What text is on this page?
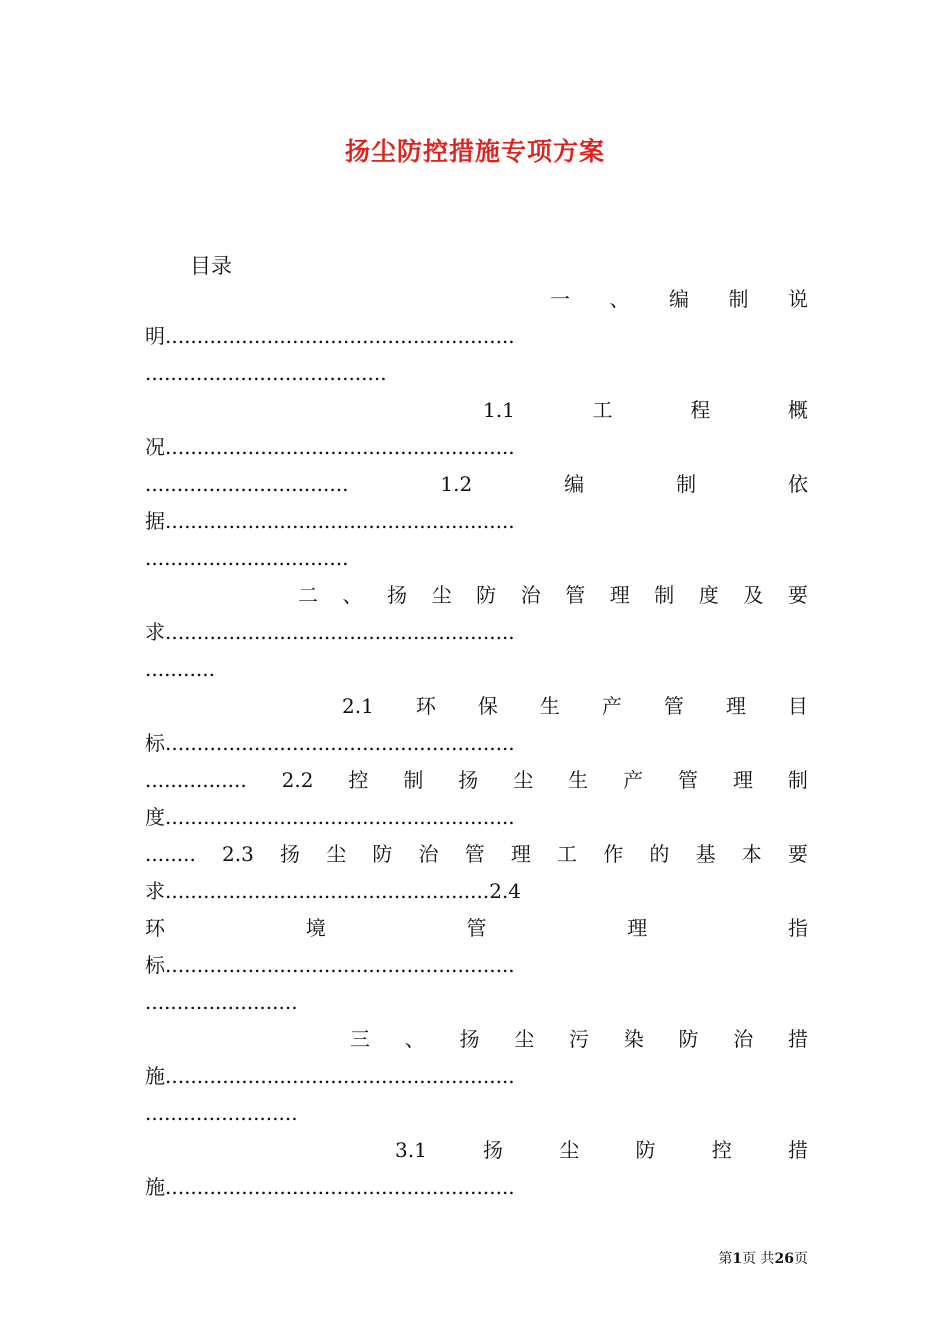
扬尘防控措施专项方案
目录
一 、 编 制 说
明.......................................................
......................................
1.1	工	程	概
况.......................................................
................................	1.2	编	制	依
据.......................................................
................................
二 、 扬 尘 防 治 管 理 制 度 及 要
求.......................................................
...........
2.1 环 保 生 产 管 理 目
标.......................................................
................ 2.2 控 制 扬 尘 生 产 管 理 制
度.......................................................
........ 2.3 扬 尘 防 治 管 理 工 作 的 基 本 要
求...................................................2.4
环	境	管	理	指
标.......................................................
........................
三 、 扬 尘 污 染 防 治 措
施.......................................................
........................
3.1	扬	尘	防	控	措
施.......................................................
第1页 共26页
